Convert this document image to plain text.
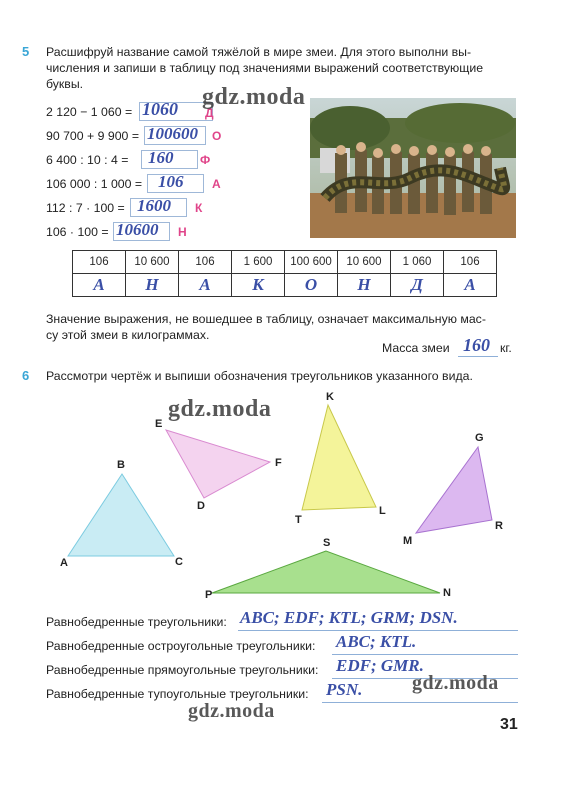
5 Расшифруй название самой тяжёлой в мире змеи. Для этого выполни вы-
числения и запиши в таблицу под значениями выражений соответствующие
буквы.
2 120 − 1 060 = 1060 Д
90 700 + 9 900 = 100600 О
6 400 : 10 : 4 = 160 Ф
106 000 : 1 000 = 106 А
112 : 7 · 100 = 1600 К
106 · 100 = 10600 Н
106	10 600	106	1 600	100 600	10 600	1 060	106
А	Н	А	К	О	Н	Д	А
Значение выражения, не вошедшее в таблицу, означает максимальную мас-
су этой змеи в килограммах.
Масса змеи 160 кг.
6 Рассмотри чертёж и выпиши обозначения треугольников указанного вида.
B
A	C
E
F
D
K
T
L
G
M
R
S
P	N
Равнобедренные треугольники: ABC; EDF; KTL; GRM; DSN.
Равнобедренные остроугольные треугольники: ABC; KTL.
Равнобедренные прямоугольные треугольники: EDF; GMR.
Равнобедренные тупоугольные треугольники: PSN.
gdz.moda
gdz.moda
gdz.moda
gdz.moda
31
